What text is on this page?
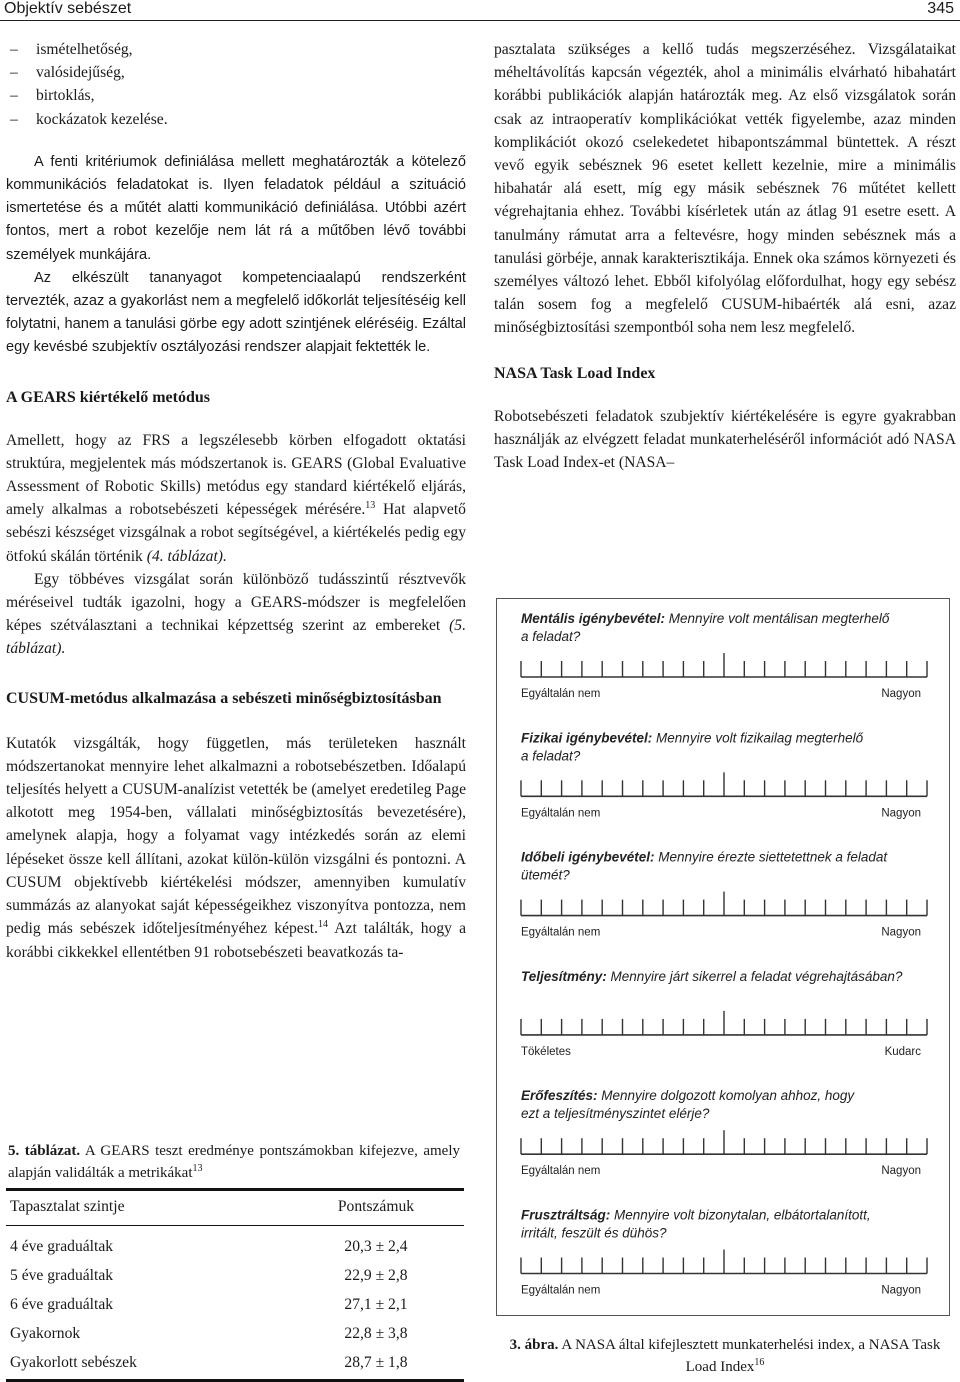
Objektív sebészet	345
– ismételhetőség,
– valósidejűség,
– birtoklás,
– kockázatok kezelése.

A fenti kritériumok definiálása mellett meghatározták a kötelező kommunikációs feladatokat is. Ilyen feladatok például a szituáció ismertetése és a műtét alatti kommunikáció definiálása. Utóbbi azért fontos, mert a robot kezelője nem lát rá a műtőben lévő további személyek munkájára.

Az elkészült tananyagot kompetenciaalapú rendszerként tervezték, azaz a gyakorlást nem a megfelelő időkorlát teljesítéséig kell folytatni, hanem a tanulási görbe egy adott szintjének eléréséig. Ezáltal egy kevésbé szubjektív osztályozási rendszer alapjait fektették le.

A GEARS kiértékelő metódus

Amellett, hogy az FRS a legszélesebb körben elfogadott oktatási struktúra, megjelentek más módszertanok is. GEARS (Global Evaluative Assessment of Robotic Skills) metódus egy standard kiértékelő eljárás, amely alkalmas a robotsebészeti képességek mérésére.$^{13}$ Hat alapvető sebészi készséget vizsgálnak a robot segítségével, a kiértékelés pedig egy ötfokú skálán történik (4. táblázat).

Egy többéves vizsgálat során különböző tudásszintű résztvevők méréseivel tudták igazolni, hogy a GEARS-módszer is megfelelően képes szétválasztani a technikai képzettség szerint az embereket (5. táblázat).

CUSUM-metódus alkalmazása a sebészeti minőségbiztosításban

Kutatók vizsgálták, hogy független, más területeken használt módszertanokat mennyire lehet alkalmazni a robotsebészetben. Időalapú teljesítés helyett a CUSUM-analízist vetették be (amelyet eredetileg Page alkotott meg 1954-ben, vállalati minőségbiztosítás bevezetésére), amelynek alapja, hogy a folyamat vagy intézkedés során az elemi lépéseket össze kell állítani, azokat külön-külön vizsgálni és pontozni. A CUSUM objektívebb kiértékelési módszer, amennyiben kumulatív summázás az alanyokat saját képességeikhez viszonyítva pontozza, nem pedig más sebészek időteljesítményéhez képest.$^{14}$ Azt találták, hogy a korábbi cikkekkel ellentétben 91 robotsebészeti beavatkozás ta-

5. táblázat. A GEARS teszt eredménye pontszámokban kifejezve, amely alapján validálták a metrikákat$^{13}$
Tapasztalat szintje	Pontszámuk
4 éve graduáltak	20,3 ± 2,4
5 éve graduáltak	22,9 ± 2,8
6 éve graduáltak	27,1 ± 2,1
Gyakornok	22,8 ± 3,8
Gyakorlott sebészek	28,7 ± 1,8

pasztalata szükséges a kellő tudás megszerzéséhez. Vizsgálataikat méheltávolítás kapcsán végezték, ahol a minimális elvárható hibahatárt korábbi publikációk alapján határozták meg. Az első vizsgálatok során csak az intraoperatív komplikációkat vették figyelembe, azaz minden komplikációt okozó cselekedetet hibapontszámmal büntettek. A részt vevő egyik sebésznek 96 esetet kellett kezelnie, mire a minimális hibahatár alá esett, míg egy másik sebésznek 76 műtétet kellett végrehajtania ehhez. További kísérletek után az átlag 91 esetre esett. A tanulmány rámutat arra a feltevésre, hogy minden sebésznek más a tanulási görbéje, annak karakterisztikája. Ennek oka számos környezeti és személyes változó lehet. Ebből kifolyólag előfordulhat, hogy egy sebész talán sosem fog a megfelelő CUSUM-hibaérték alá esni, azaz minőségbiztosítási szempontból soha nem lesz megfelelő.

NASA Task Load Index

Robotsebészeti feladatok szubjektív kiértékelésére is egyre gyakrabban használják az elvégzett feladat munkaterheléséről információt adó NASA Task Load Index-et (NASA–

Mentális igénybevétel: Mennyire volt mentálisan megterhelő
a feladat?
Egyáltalán nem	Nagyon
Fizikai igénybevétel: Mennyire volt fizikailag megterhelő
a feladat?
Egyáltalán nem	Nagyon
Időbeli igénybevétel: Mennyire érezte siettetettnek a feladat
ütemét?
Egyáltalán nem	Nagyon
Teljesítmény: Mennyire járt sikerrel a feladat végrehajtásában?
Tökéletes	Kudarc
Erőfeszítés: Mennyire dolgozott komolyan ahhoz, hogy
ezt a teljesítményszintet elérje?
Egyáltalán nem	Nagyon
Frusztráltság: Mennyire volt bizonytalan, elbátortalanított,
irritált, feszült és dühös?
Egyáltalán nem	Nagyon
3. ábra. A NASA által kifejlesztett munkaterhelési index, a NASA Task Load Index$^{16}$
